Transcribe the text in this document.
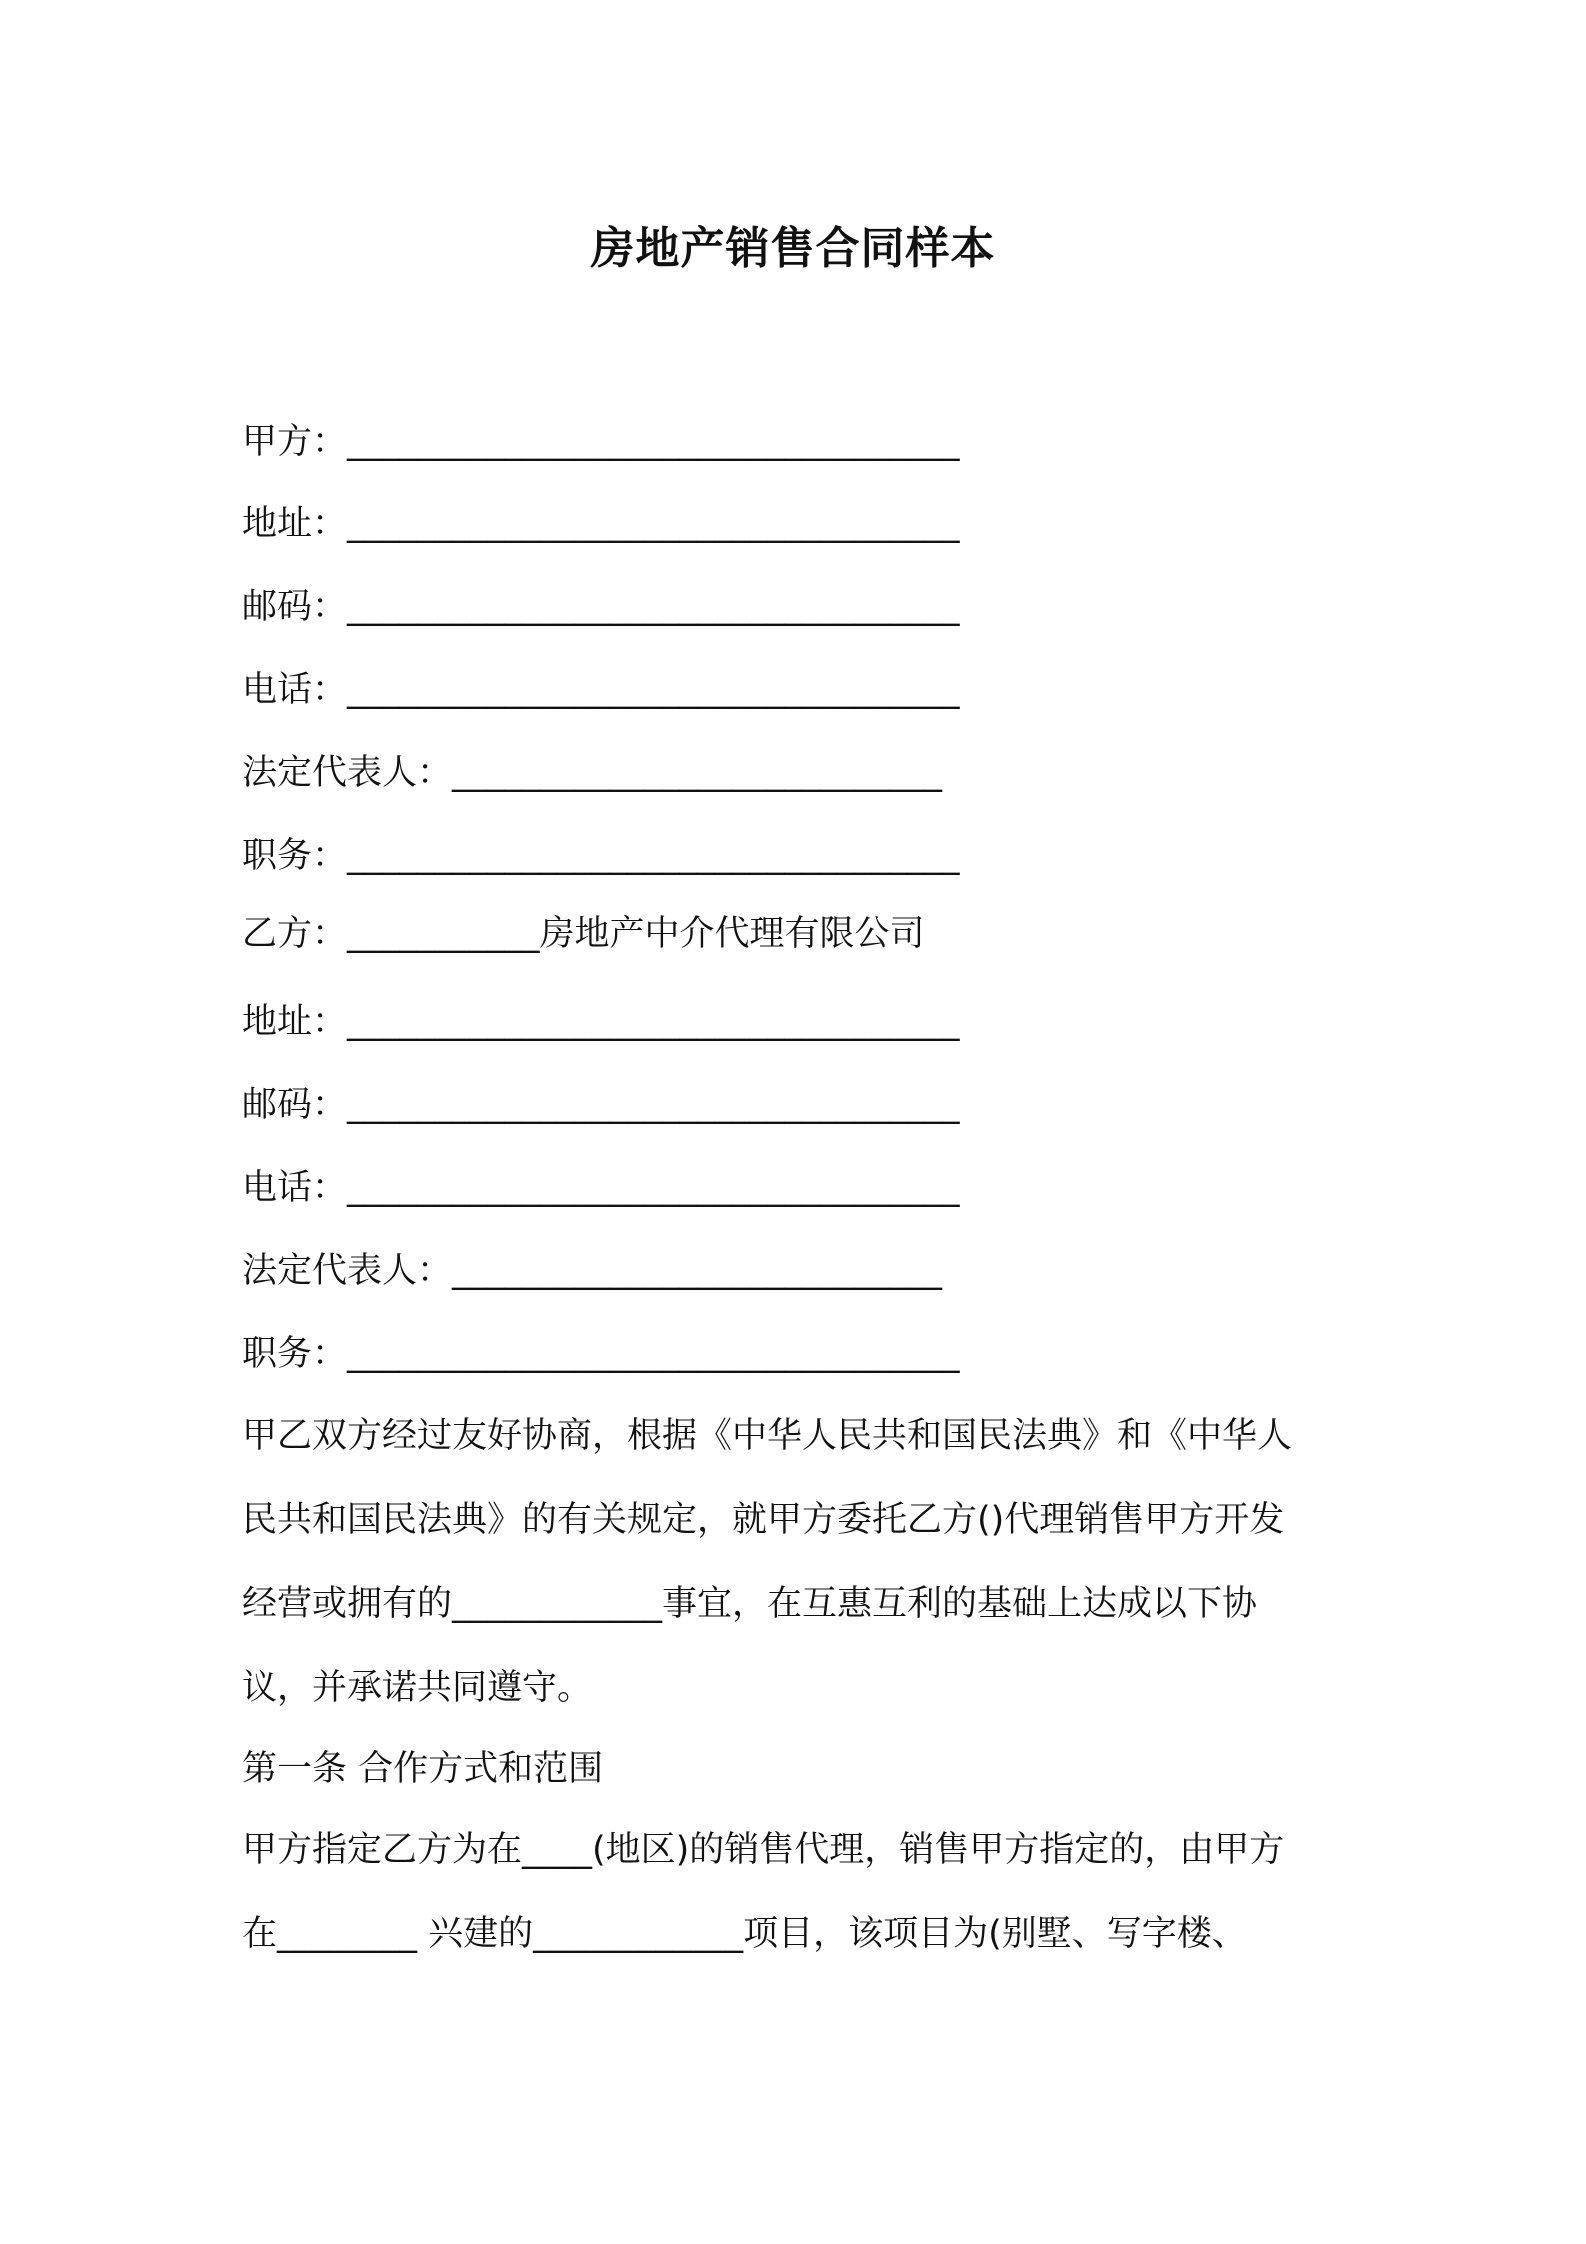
房地产销售合同样本
甲方：___________________________________
地址：___________________________________
邮码：___________________________________
电话：___________________________________
法定代表人：____________________________
职务：___________________________________
乙方：___________房地产中介代理有限公司
地址：___________________________________
邮码：___________________________________
电话：___________________________________
法定代表人：____________________________
职务：___________________________________
甲乙双方经过友好协商，根据《中华人民共和国民法典》和《中华人
民共和国民法典》的有关规定，就甲方委托乙方()代理销售甲方开发
经营或拥有的____________事宜，在互惠互利的基础上达成以下协
议，并承诺共同遵守。
第一条 合作方式和范围
甲方指定乙方为在____(地区)的销售代理，销售甲方指定的，由甲方
在________ 兴建的____________项目，该项目为(别墅、写字楼、
